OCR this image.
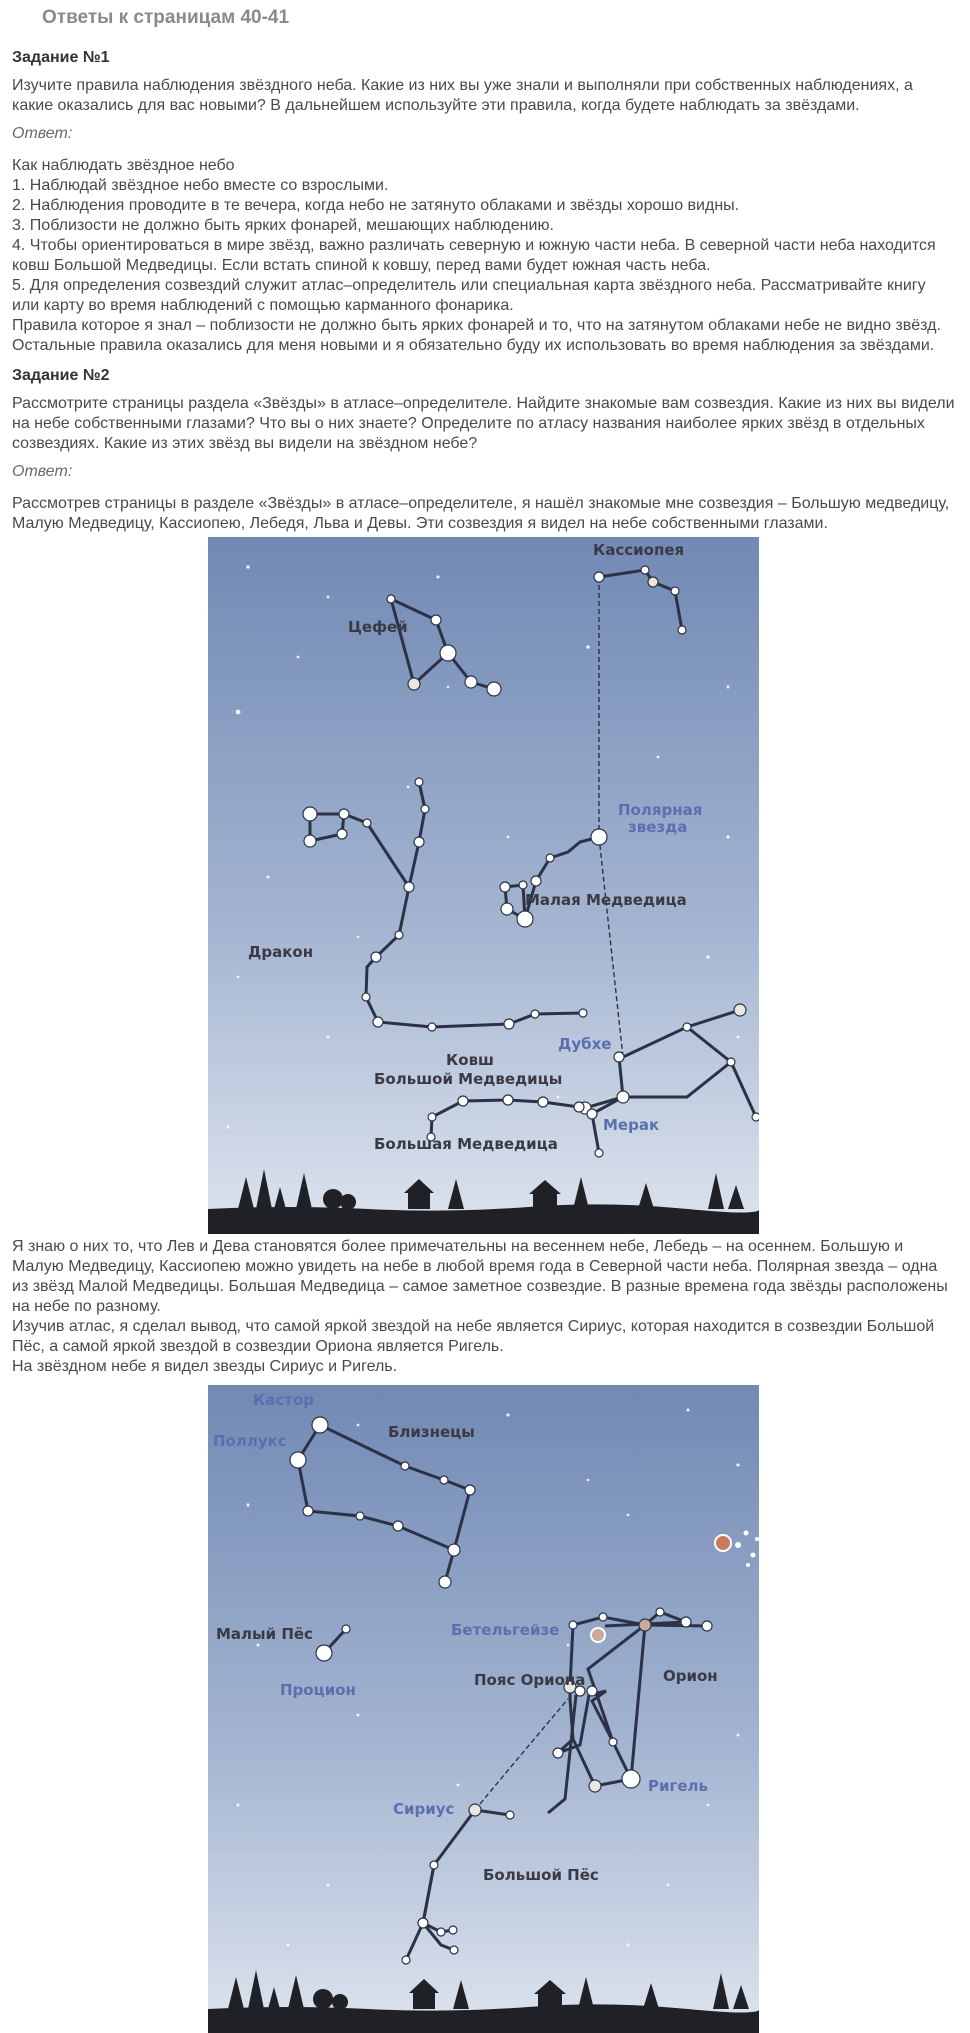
Ответы к страницам 40-41
Задание №1

Изучите правила наблюдения звёздного неба. Какие из них вы уже знали и выполняли при собственных наблюдениях, а какие оказались для вас новыми? В дальнейшем используйте эти правила, когда будете наблюдать за звёздами.

Ответ:
Как наблюдать звёздное небо
1. Наблюдай звёздное небо вместе со взрослыми.
2. Наблюдения проводите в те вечера, когда небо не затянуто облаками и звёзды хорошо видны.
3. Поблизости не должно быть ярких фонарей, мешающих наблюдению.
4. Чтобы ориентироваться в мире звёзд, важно различать северную и южную части неба. В северной части неба находится ковш Большой Медведицы. Если встать спиной к ковшу, перед вами будет южная часть неба.
5. Для определения созвездий служит атлас–определитель или специальная карта звёздного неба. Рассматривайте книгу или карту во время наблюдений с помощью карманного фонарика.
Правила которое я знал – поблизости не должно быть ярких фонарей и то, что на затянутом облаками небе не видно звёзд. Остальные правила оказались для меня новыми и я обязательно буду их использовать во время наблюдения за звёздами.
Задание №2

Рассмотрите страницы раздела «Звёзды» в атласе–определителе. Найдите знакомые вам созвездия. Какие из них вы видели на небе собственными глазами? Что вы о них знаете? Определите по атласу названия наиболее ярких звёзд в отдельных созвездиях. Какие из этих звёзд вы видели на звёздном небе?

Ответ:

Рассмотрев страницы в разделе «Звёзды» в атласе–определителе, я нашёл знакомые мне созвездия – Большую медведицу, Малую Медведицу, Кассиопею, Лебедя, Льва и Девы. Эти созвездия я видел на небе собственными глазами.

Кассиопея
Цефей
Полярная
звезда
Малая Медведица
Дракон
Дубхе
Ковш
Большой Медведицы
Мерак
Большая Медведица
Я знаю о них то, что Лев и Дева становятся более примечательны на весеннем небе, Лебедь – на осеннем. Большую и Малую Медведицу, Кассиопею можно увидеть на небе в любой время года в Северной части неба. Полярная звезда – одна из звёзд Малой Медведицы. Большая Медведица – самое заметное созвездие. В разные времена года звёзды расположены на небе по разному.
Изучив атлас, я сделал вывод, что самой яркой звездой на небе является Сириус, которая находится в созвездии Большой Пёс, а самой яркой звездой в созвездии Ориона является Ригель.
На звёздном небе я видел звезды Сириус и Ригель.
Кастор
Поллукс	Близнецы
Малый Пёс
Процион
Бетельгейзе
Пояс Ориона	Орион
Ригель
Сириус
Большой Пёс
